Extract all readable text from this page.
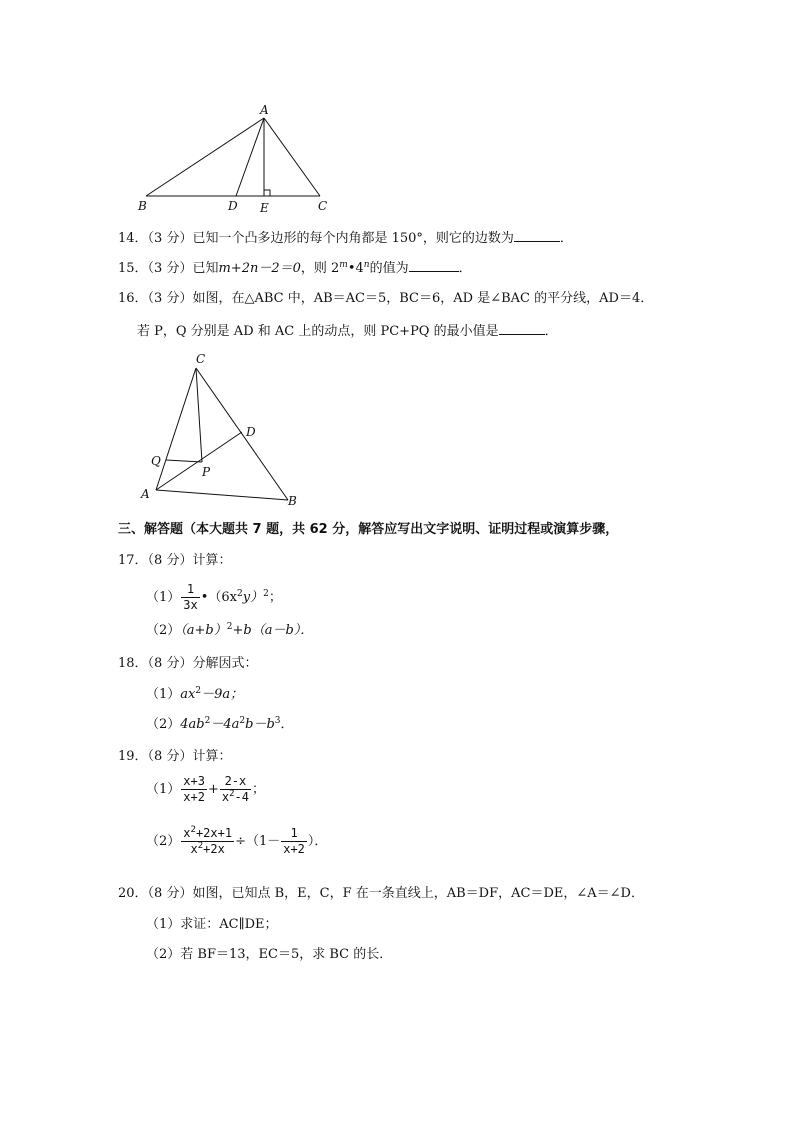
A
B	D E	C
14．（3 分）已知一个凸多边形的每个内角都是 150°，则它的边数为	．
15．（3 分）已知m+2n－2＝0，则 2$^m$•4$^n$的值为	．
16．（3 分）如图，在△ABC 中，AB＝AC＝5，BC＝6，AD 是∠BAC 的平分线，AD＝4．
若 P，Q 分别是 AD 和 AC 上的动点，则 PC+PQ 的最小值是	．
C
D
Q
P
A	B
三、解答题（本大题共 7 题，共 62 分，解答应写出文字说明、证明过程或演算步骤，
17．（8 分）计算：
$(1) \frac{1}{3x}$ $•(6x^2y)^2$；
$(2)(a+b)^2+b(a-b)$．
18．（8 分）分解因式：
$(1)ax^2-9a$；
$(2)4ab^2-4a^2b-b^3$．
19．（8 分）计算：
$(1) \frac{x+3}{x+2} + \frac{2-x}{x^2-4}$ ；
$(2) \frac{x^2+2x+1}{x^2+2x} \div(1- \frac{1}{x+2}$ ）．
20．（8 分）如图，已知点 B，E，C，F 在一条直线上，AB＝DF，AC＝DE，∠A＝∠D．
（1）求证：AC∥DE；
（2）若 BF＝13，EC＝5，求 BC 的长．
